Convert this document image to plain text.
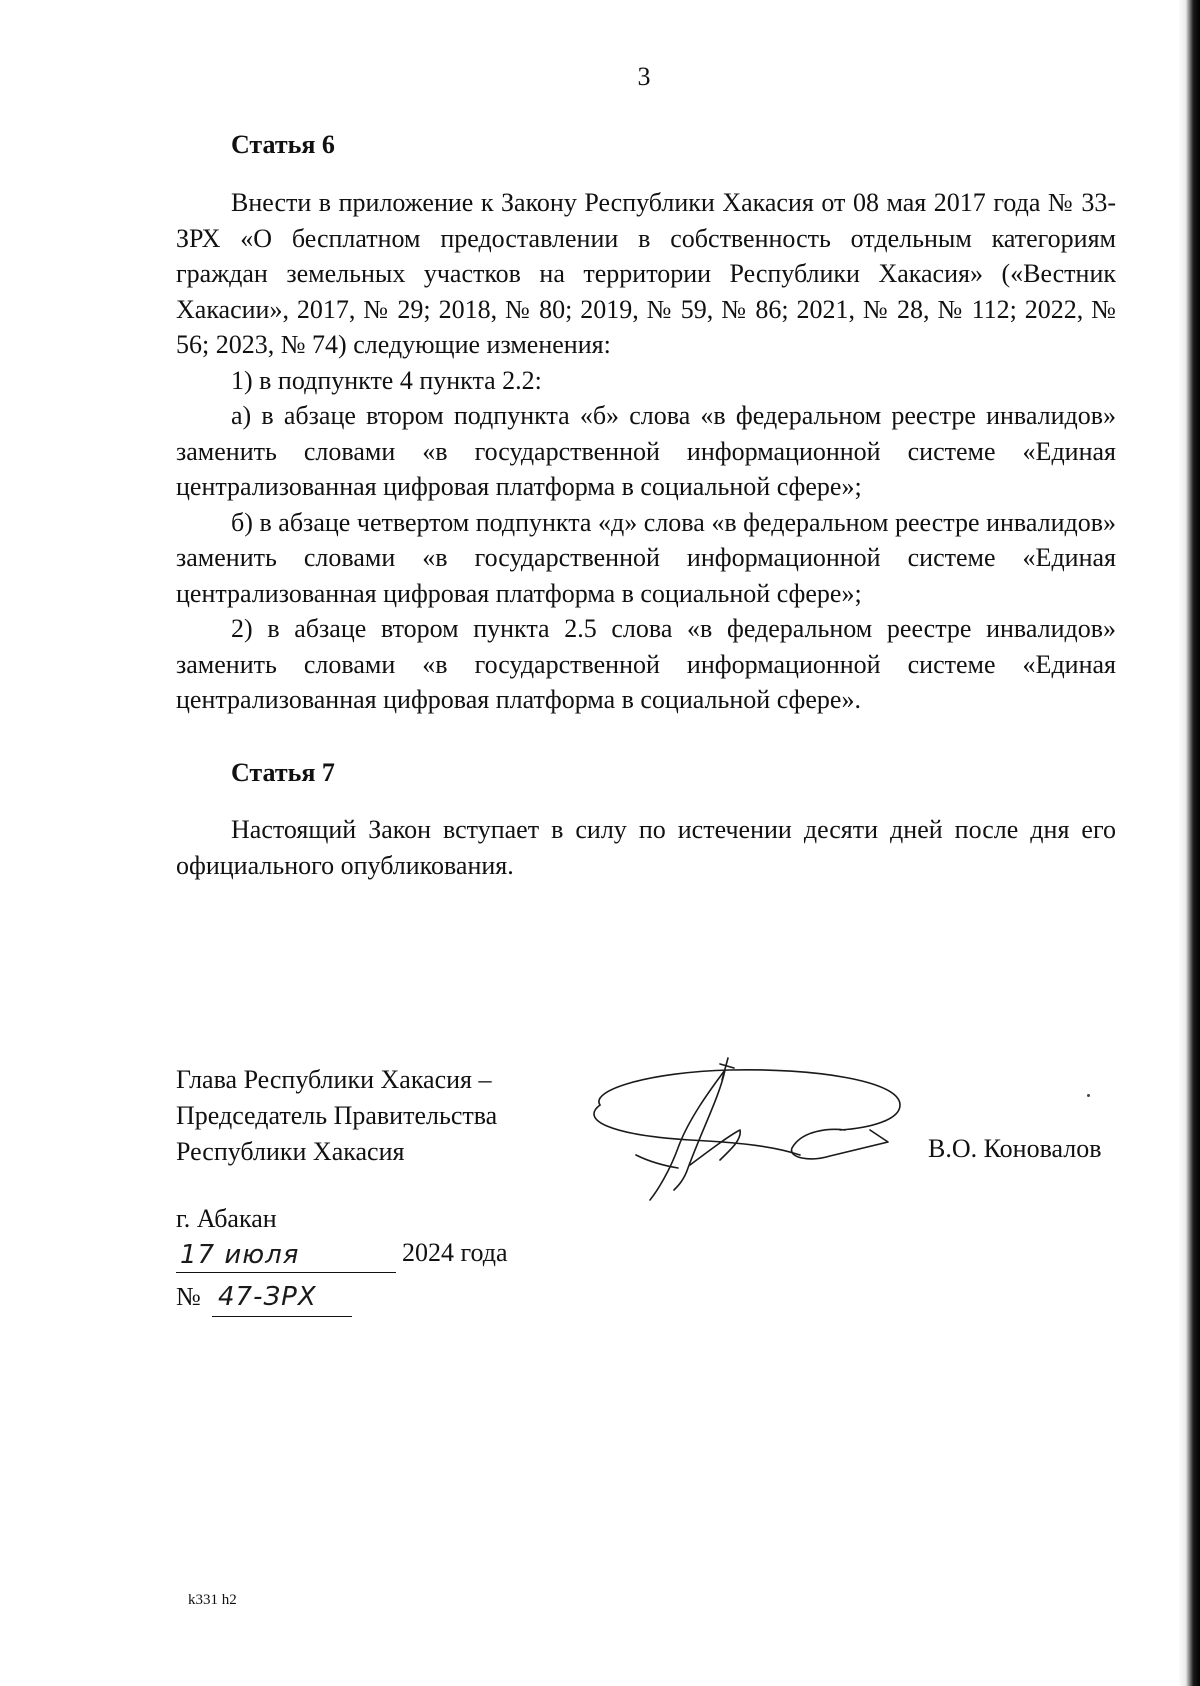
3
Статья 6

Внести в приложение к Закону Республики Хакасия от 08 мая 2017 года № 33-ЗРХ «О бесплатном предоставлении в собственность отдельным категориям граждан земельных участков на территории Республики Хакасия» («Вестник Хакасии», 2017, № 29; 2018, № 80; 2019, № 59, № 86; 2021, № 28, № 112; 2022, № 56; 2023, № 74) следующие изменения:

1) в подпункте 4 пункта 2.2:

а) в абзаце втором подпункта «б» слова «в федеральном реестре инвалидов» заменить словами «в государственной информационной системе «Единая централизованная цифровая платформа в социальной сфере»;

б) в абзаце четвертом подпункта «д» слова «в федеральном реестре инвалидов» заменить словами «в государственной информационной системе «Единая централизованная цифровая платформа в социальной сфере»;

2) в абзаце втором пункта 2.5 слова «в федеральном реестре инвалидов» заменить словами «в государственной информационной системе «Единая централизованная цифровая платформа в социальной сфере».

Статья 7

Настоящий Закон вступает в силу по истечении десяти дней после дня его официального опубликования.

Глава Республики Хакасия –
Председатель Правительства
Республики Хакасия	В.О. Коновалов
г. Абакан
17 июля	2024 года
№ 47-ЗРХ
k331 h2
